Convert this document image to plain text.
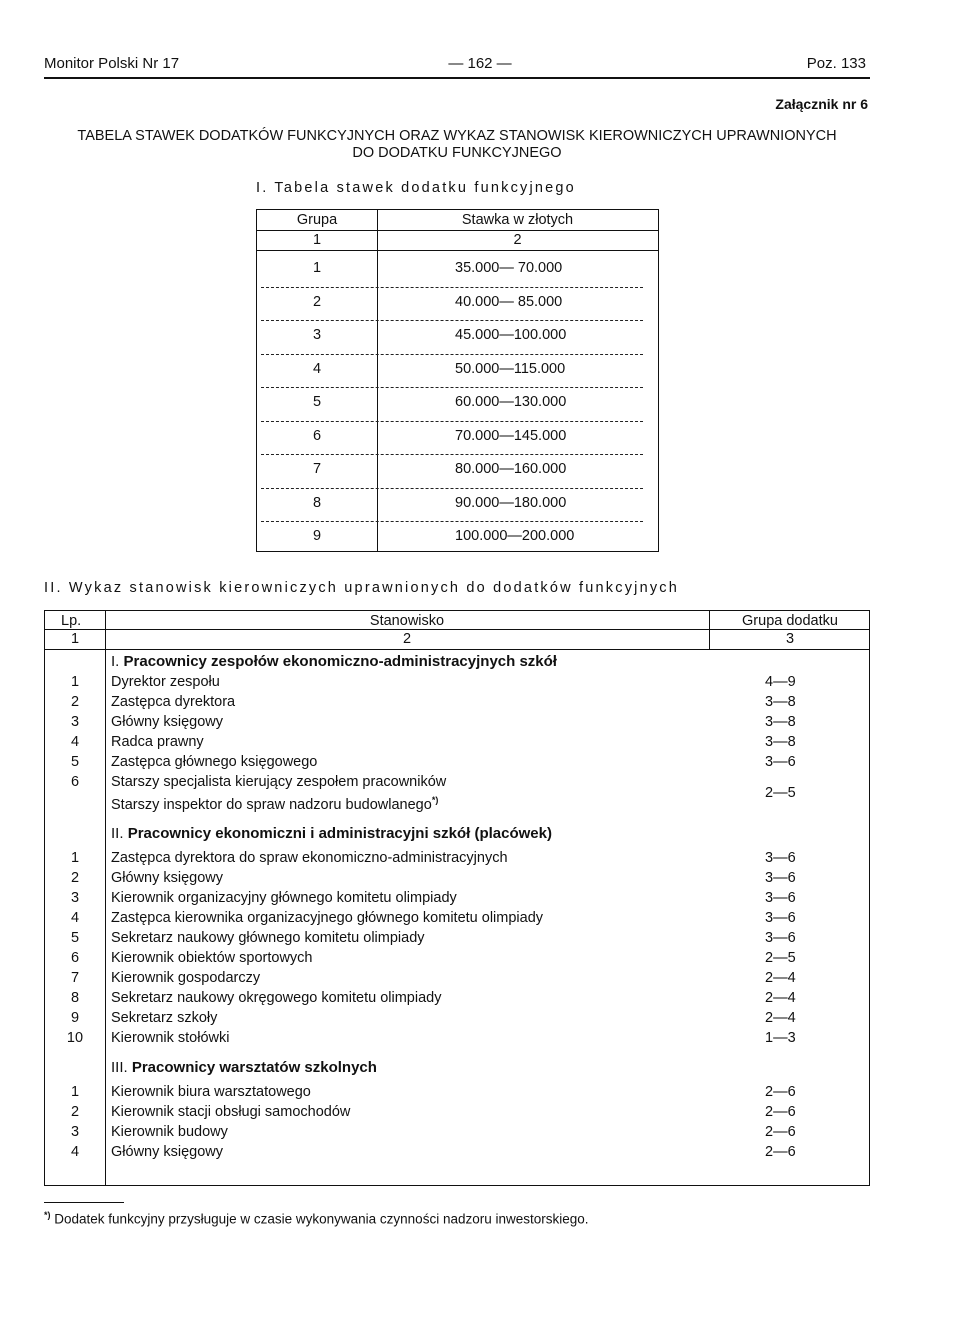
Monitor Polski Nr 17	— 162 —	Poz. 133
Załącznik nr 6
TABELA STAWEK DODATKÓW FUNKCYJNYCH ORAZ WYKAZ STANOWISK KIEROWNICZYCH UPRAWNIONYCH
DO DODATKU FUNKCYJNEGO
I. Tabela stawek dodatku funkcyjnego
Grupa	Stawka w złotych
1	2
1	35.000— 70.000
2	40.000— 85.000
3	45.000—100.000
4	50.000—115.000
5	60.000—130.000
6	70.000—145.000
7	80.000—160.000
8	90.000—180.000
9	100.000—200.000
II. Wykaz stanowisk kierowniczych uprawnionych do dodatków funkcyjnych
Lp.	Stanowisko	Grupa dodatku
1	2	3
I. Pracownicy zespołów ekonomiczno-administracyjnych szkół
1	Dyrektor zespołu	4—9
2	Zastępca dyrektora	3—8
3	Główny księgowy	3—8
4	Radca prawny	3—8
5	Zastępca głównego księgowego	3—6
6	Starszy specjalista kierujący zespołem pracowników
Starszy inspektor do spraw nadzoru budowlanego*)	2—5
II. Pracownicy ekonomiczni i administracyjni szkół (placówek)
1	Zastępca dyrektora do spraw ekonomiczno-administracyjnych	3—6
2	Główny księgowy	3—6
3	Kierownik organizacyjny głównego komitetu olimpiady	3—6
4	Zastępca kierownika organizacyjnego głównego komitetu olimpiady	3—6
5	Sekretarz naukowy głównego komitetu olimpiady	3—6
6	Kierownik obiektów sportowych	2—5
7	Kierownik gospodarczy	2—4
8	Sekretarz naukowy okręgowego komitetu olimpiady	2—4
9	Sekretarz szkoły	2—4
10	Kierownik stołówki	1—3
III. Pracownicy warsztatów szkolnych
1	Kierownik biura warsztatowego	2—6
2	Kierownik stacji obsługi samochodów	2—6
3	Kierownik budowy	2—6
4	Główny księgowy	2—6
*) Dodatek funkcyjny przysługuje w czasie wykonywania czynności nadzoru inwestorskiego.
